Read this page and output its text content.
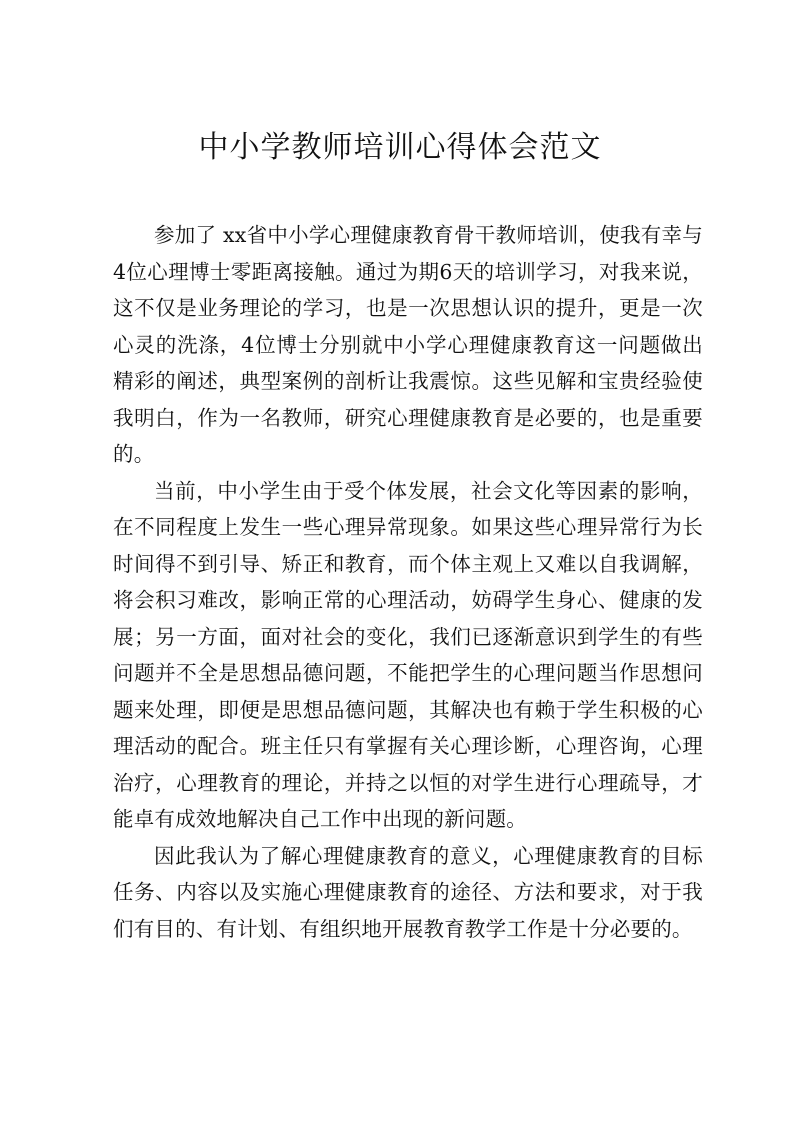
中小学教师培训心得体会范文

参加了 xx省中小学心理健康教育骨干教师培训，使我有幸与4位心理博士零距离接触。通过为期6天的培训学习，对我来说，这不仅是业务理论的学习，也是一次思想认识的提升，更是一次心灵的洗涤，4位博士分别就中小学心理健康教育这一问题做出精彩的阐述，典型案例的剖析让我震惊。这些见解和宝贵经验使我明白，作为一名教师，研究心理健康教育是必要的，也是重要的。

当前，中小学生由于受个体发展，社会文化等因素的影响，在不同程度上发生一些心理异常现象。如果这些心理异常行为长时间得不到引导、矫正和教育，而个体主观上又难以自我调解，将会积习难改，影响正常的心理活动，妨碍学生身心、健康的发展；另一方面，面对社会的变化，我们已逐渐意识到学生的有些问题并不全是思想品德问题，不能把学生的心理问题当作思想问题来处理，即便是思想品德问题，其解决也有赖于学生积极的心理活动的配合。班主任只有掌握有关心理诊断，心理咨询，心理治疗，心理教育的理论，并持之以恒的对学生进行心理疏导，才能卓有成效地解决自己工作中出现的新问题。

因此我认为了解心理健康教育的意义，心理健康教育的目标任务、内容以及实施心理健康教育的途径、方法和要求，对于我们有目的、有计划、有组织地开展教育教学工作是十分必要的。
